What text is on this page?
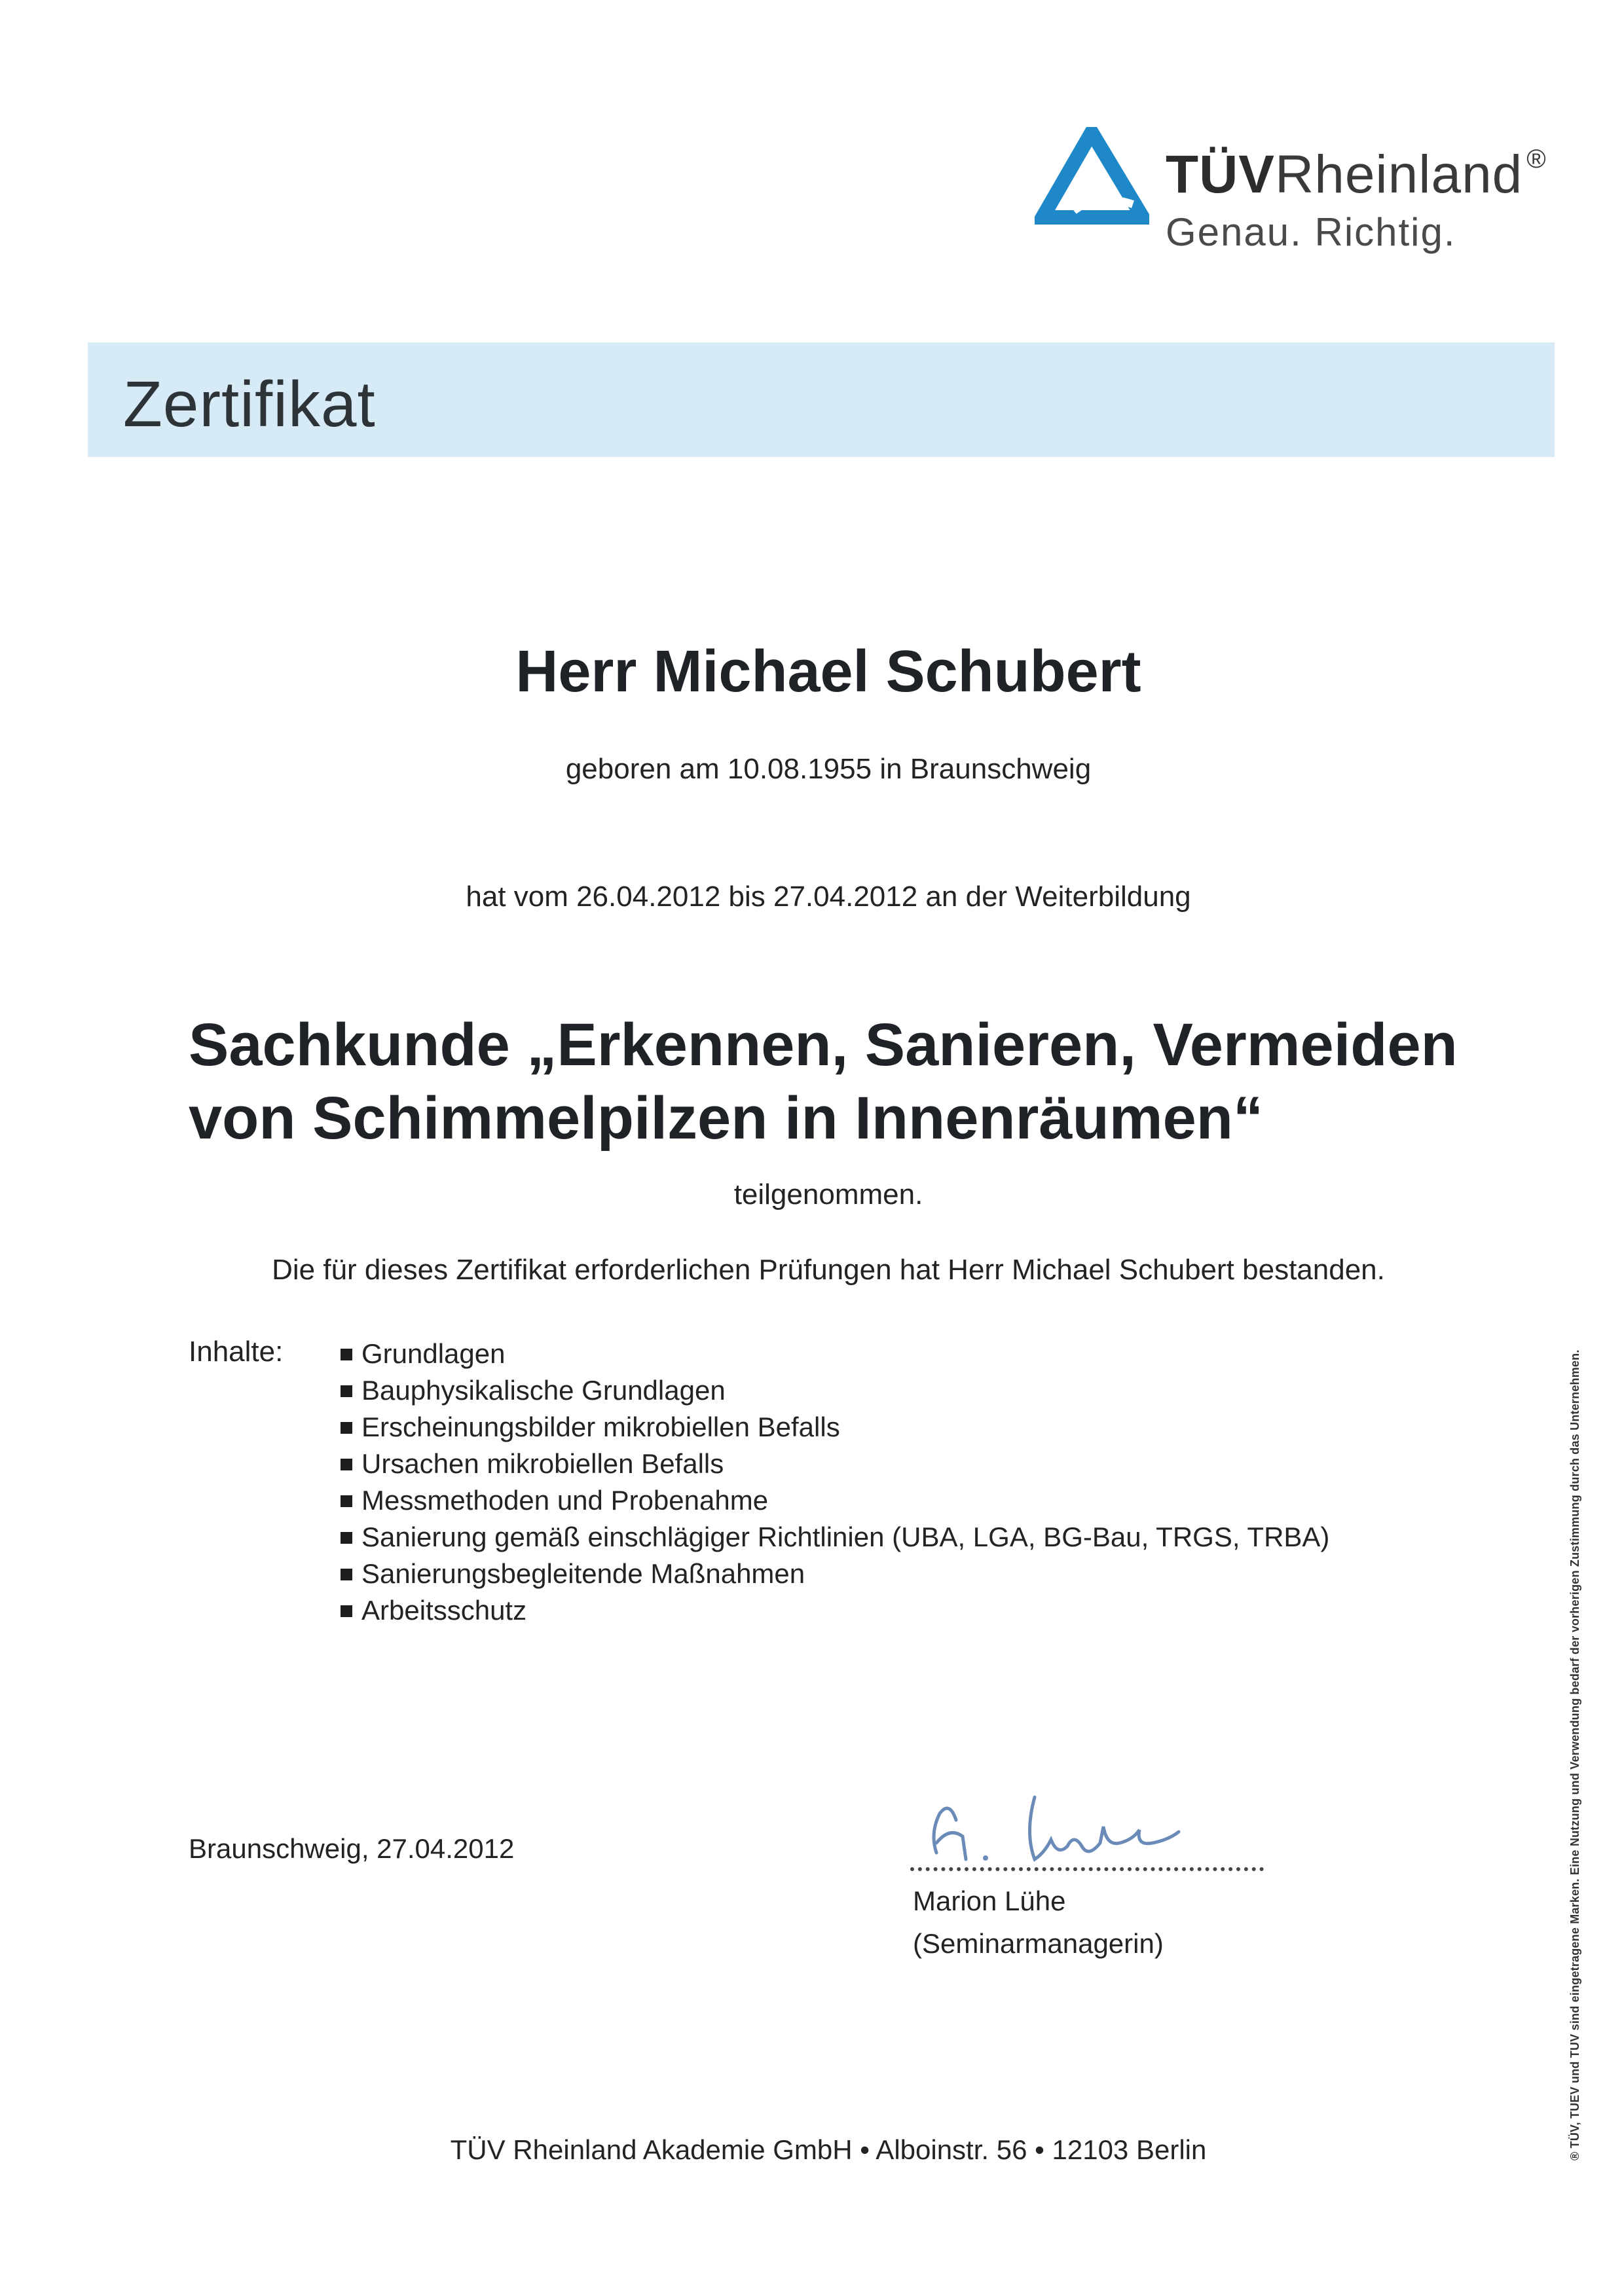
TÜVRheinland ®
Genau. Richtig.
Zertifikat
Herr Michael Schubert
geboren am 10.08.1955 in Braunschweig
hat vom 26.04.2012 bis 27.04.2012 an der Weiterbildung
Sachkunde „Erkennen, Sanieren, Vermeiden
von Schimmelpilzen in Innenräumen“
teilgenommen.
Die für dieses Zertifikat erforderlichen Prüfungen hat Herr Michael Schubert bestanden.
Inhalte:	Grundlagen
Bauphysikalische Grundlagen
Erscheinungsbilder mikrobiellen Befalls
Ursachen mikrobiellen Befalls
Messmethoden und Probenahme
Sanierung gemäß einschlägiger Richtlinien (UBA, LGA, BG-Bau, TRGS, TRBA)
Sanierungsbegleitende Maßnahmen
Arbeitsschutz
Braunschweig, 27.04.2012
Marion Lühe
(Seminarmanagerin)
TÜV Rheinland Akademie GmbH • Alboinstr. 56 • 12103 Berlin	® TÜV, TUEV und TUV sind eingetragene Marken. Eine Nutzung und Verwendung bedarf der vorherigen Zustimmung durch das Unternehmen.
